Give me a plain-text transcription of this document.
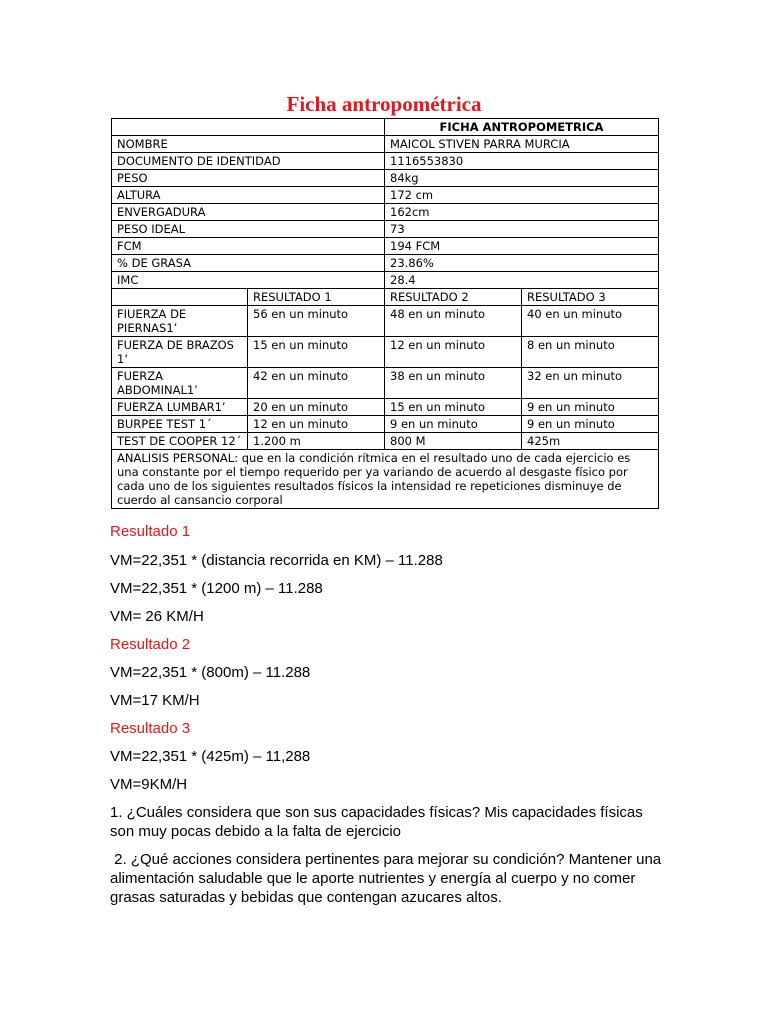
Ficha antropométrica
		FICHA ANTROPOMETRICA	
NOMBRE		MAICOL STIVEN PARRA MURCIA	
DOCUMENTO DE IDENTIDAD		1116553830	
PESO		84kg	
ALTURA		172 cm	
ENVERGADURA		162cm	
PESO IDEAL		73	
FCM		194 FCM	
% DE GRASA		23.86%	
IMC		28.4	
	RESULTADO 1	RESULTADO 2	RESULTADO 3
FIUERZA DE PIERNAS1’	56 en un minuto	48 en un minuto	40 en un minuto
FUERZA DE BRAZOS 1’	15 en un minuto	12 en un minuto	8 en un minuto
FUERZA ABDOMINAL1’	42 en un minuto	38 en un minuto	32 en un minuto
FUERZA LUMBAR1’	20 en un minuto	15 en un minuto	9 en un minuto
BURPEE TEST 1´	12 en un minuto	9 en un minuto	9 en un minuto
TEST DE COOPER 12´	1.200 m	800 M	425m
ANALISIS PERSONAL: que en la condición rítmica en el resultado uno de cada ejercicio es una constante por el tiempo requerido per ya variando de acuerdo al desgaste físico por cada uno de los siguientes resultados físicos la intensidad re repeticiones disminuye de cuerdo al cansancio corporal			

Resultado 1

VM=22,351 * (distancia recorrida en KM) – 11.288

VM=22,351 * (1200 m) – 11.288

VM= 26 KM/H

Resultado 2

VM=22,351 * (800m) – 11.288

VM=17 KM/H

Resultado 3

VM=22,351 * (425m) – 11,288

VM=9KM/H

1. ¿Cuáles considera que son sus capacidades físicas? Mis capacidades físicas son muy pocas debido a la falta de ejercicio

2. ¿Qué acciones considera pertinentes para mejorar su condición? Mantener una alimentación saludable que le aporte nutrientes y energía al cuerpo y no comer grasas saturadas y bebidas que contengan azucares altos.
